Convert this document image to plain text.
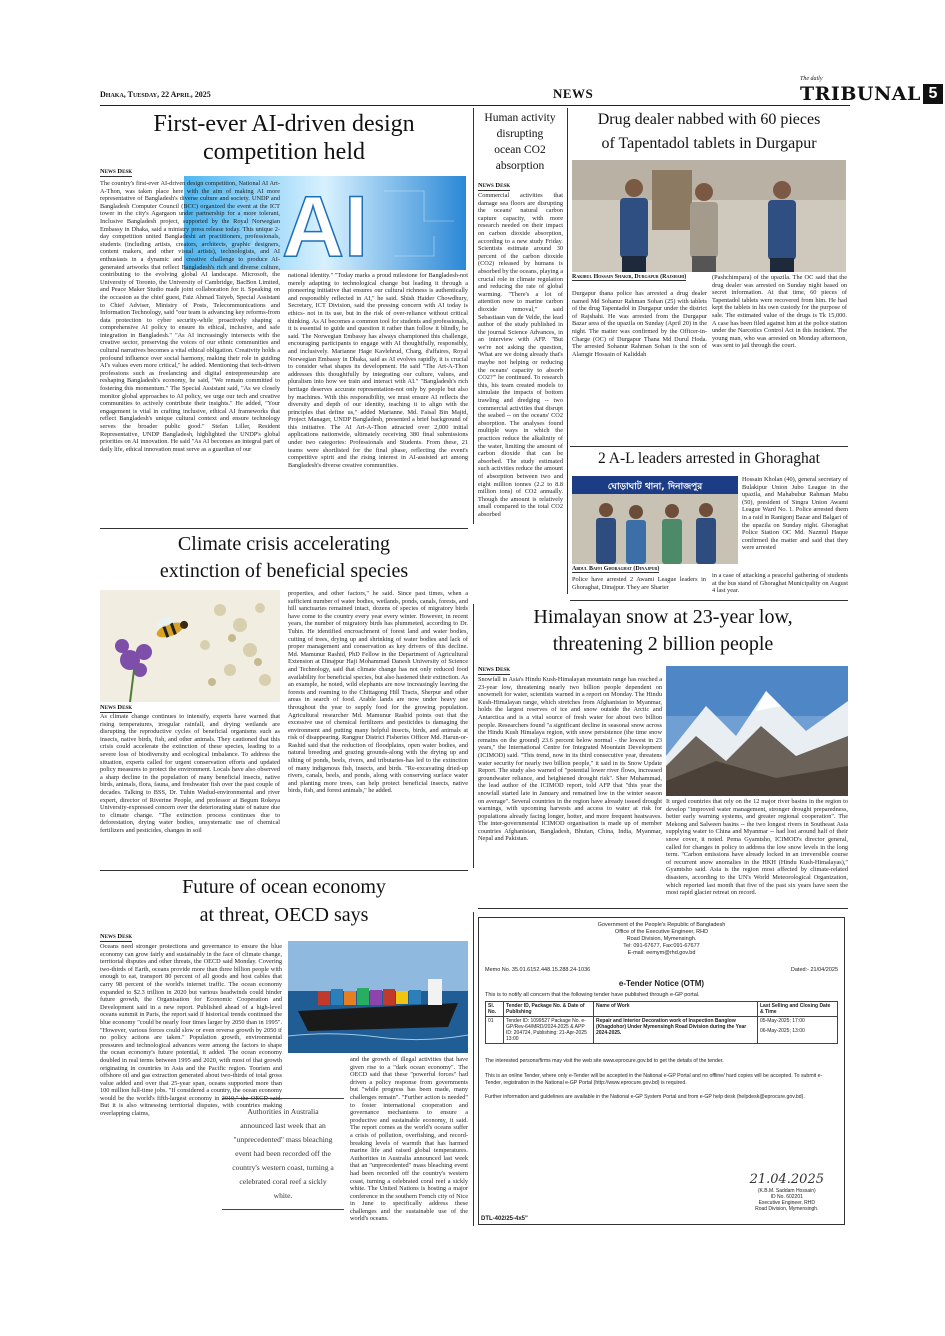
Dhaka, Tuesday, 22 April, 2025	NEWS
The daily
TRIBUNAL 5
First-ever AI-driven design
competition held
News Desk
AI
The country's first-ever AI-driven design competition, National AI Art-A-Thon, was taken place here with the aim of making AI more representative of Bangladesh's diverse culture and society. UNDP and Bangladesh Computer Council (BCC) organized the event at the ICT tower in the city's Agargaon under partnership for a more tolerant, Inclusive Bangladesh project, supported by the Royal Norwegian Embassy in Dhaka, said a ministry press release today. This unique 2-day competition united Bangladeshi art practitioners, professionals, students (including artists, creators, architects, graphic designers, content makers, and other visual artists), technologists, and AI enthusiasts in a dynamic and creative challenge to produce AI-generated artworks that reflect Bangladesh's rich and diverse culture, contributing to the evolving global AI landscape. Microsoft, the University of Toronto, the University of Cambridge, BacBon Limited, and Peace Maker Studio made joint collaboration for it. Speaking on the occasion as the chief guest, Faiz Ahmad Taiyeb, Special Assistant to Chief Adviser, Ministry of Posts, Telecommunications and Information Technology, said "our team is advancing key reforms-from data protection to cyber security-while proactively shaping a comprehensive AI policy to ensure its ethical, inclusive, and safe integration in Bangladesh." "As AI increasingly intersects with the creative sector, preserving the voices of our ethnic communities and cultural narratives becomes a vital ethical obligation. Creativity holds a profound influence over social harmony, making their role in guiding AI's values even more critical," he added. Mentioning that tech-driven professions such as freelancing and digital entrepreneurship are reshaping Bangladesh's economy, he said, "We remain committed to fostering this momentum." The Special Assistant said, "As we closely monitor global approaches to AI policy, we urge our tech and creative communities to actively contribute their insights." He added, "Your engagement is vital in crafting inclusive, ethical AI frameworks that reflect Bangladesh's unique cultural context and ensure technology serves the broader public good." Stefan Liller, Resident Representative, UNDP Bangladesh, highlighted the UNDP's global priorities on AI innovation. He said "As AI becomes an integral part of daily life, ethical innovation must serve as a guardian of our
national identity." "Today marks a proud milestone for Bangladesh-not merely adapting to technological change but leading it through a pioneering initiative that ensures our cultural richness is authentically and responsibly reflected in AI," he said. Shish Haider Chowdhury, Secretary, ICT Division, said the pressing concern with AI today is ethics- not in its use, but in the risk of over-reliance without critical thinking. As AI becomes a common tool for students and professionals, it is essential to guide and question it rather than follow it blindly, he said. The Norwegian Embassy has always championed this challenge, encouraging participants to engage with AI thoughtfully, responsibly, and inclusively. Marianne Hage Kavlehrud, Charg, d'affaires, Royal Norwegian Embassy in Dhaka, said as AI evolves rapidly, it is crucial to consider what shapes its development. He said "The Art-A-Thon addresses this thoughtfully by integrating our culture, values, and pluralism into how we train and interact with AI." "Bangladesh's rich heritage deserves accurate representation-not only by people but also by machines. With this responsibility, we must ensure AI reflects the diversity and depth of our identity, teaching it to align with the principles that define us," added Marianne. Md. Faisal Bin Majid, Project Manager, UNDP Bangladesh, presented a brief background of this initiative. The AI Art-A-Thon attracted over 2,000 initial applications nationwide, ultimately receiving 380 final submissions under two categories: Professionals and Students. From these, 21 teams were shortlisted for the final phase, reflecting the event's competitive spirit and the rising interest in AI-assisted art among Bangladesh's diverse creative communities.
Human activity
disrupting
ocean CO2
absorption
News Desk
Commercial activities that damage sea floors are disrupting the oceans' natural carbon capture capacity, with more research needed on their impact on carbon dioxide absorption, according to a new study Friday. Scientists estimate around 30 percent of the carbon dioxide (CO2) released by humans is absorbed by the oceans, playing a crucial role in climate regulation and reducing the rate of global warming. "There's a lot of attention now to marine carbon dioxide removal," said Sebastiaan van de Velde, the lead author of the study published in the journal Science Advances, in an interview with AFP. "But we're not asking the question, 'What are we doing already that's maybe not helping or reducing the oceans' capacity to absorb CO2?'" he continued. To research this, his team created models to simulate the impacts of bottom trawling and dredging -- two commercial activities that disrupt the seabed -- on the oceans' CO2 absorption. The analyses found multiple ways in which the practices reduce the alkalinity of the water, limiting the amount of carbon dioxide that can be absorbed. The study estimated such activities reduce the amount of absorption between two and eight million tonnes (2.2 to 8.8 million tons) of CO2 annually. Though the amount is relatively small compared to the total CO2 absorbed
Drug dealer nabbed with 60 pieces
of Tapentadol tablets in Durgapur
Rakibul Hossain Shakib, Durgapur (Rajshahi)
Durgapur thana police has arrested a drug dealer named Md Sohanur Rahman Sohan (25) with tablets of the drug Tapentadol in Durgapur under the district of Rajshahi. He was arrested from the Durgapur Bazar area of the upazila on Sunday (April 20) in the night. The matter was confirmed by the Officer-in-Charge (OC) of Durgapur Thana Md Durul Hoda. The arrested Sohanur Rahman Sohan is the son of Alamgir Hossain of Kaliddah
(Pashchimpara) of the upazila. The OC said that the drug dealer was arrested on Sunday night based on secret information. At that time, 60 pieces of Tapentadol tablets were recovered from him. He had kept the tablets in his own custody for the purpose of sale. The estimated value of the drugs is Tk 15,000. A case has been filed against him at the police station under the Narcotics Control Act in this incident. The young man, who was arrested on Monday afternoon, was sent to jail through the court.
2 A-L leaders arrested in Ghoraghat
ঘোড়াঘাট থানা, দিনাজপুর
Abdul Baffi Ghoraghat (Dinajpur)
Police have arrested 2 Awami League leaders in Ghoraghat, Dinajpur. They are Sharier
Hossain Kholan (40), general secretary of Bulakipur Union Jubo League in the upazila, and Mahabubur Rahman Mabu (50), president of Singra Union Awami League Ward No. 1. Police arrested them in a raid in Ranigonj Bazar and Balgari of the upazila on Sunday night. Ghoraghat Police Station OC Md. Nazmul Haque confirmed the matter and said that they were arrested
in a case of attacking a peaceful gathering of students at the bus stand of Ghoraghat Municipality on August 4 last year.
Climate crisis accelerating
extinction of beneficial species
News Desk
As climate change continues to intensify, experts have warned that rising temperatures, irregular rainfall, and drying wetlands are disrupting the reproductive cycles of beneficial organisms such as insects, native birds, fish, and other animals. They cautioned that this crisis could accelerate the extinction of these species, leading to a severe loss of biodiversity and ecological imbalance. To address the situation, experts called for urgent conservation efforts and updated policy measures to protect the environment. Locals have also observed a sharp decline in the population of many beneficial insects, native birds, animals, flora, fauna, and freshwater fish over the past couple of decades. Talking to BSS, Dr. Tuhin Wadud-environmental and river expert, director of Riverine People, and professor at Begum Rokeya University-expressed concern over the deteriorating state of nature due to climate change. "The extinction process continues due to deforestation, drying water bodies, unsystematic use of chemical fertilizers and pesticides, changes in soil
properties, and other factors," he said. Since past times, when a sufficient number of water bodies, wetlands, ponds, canals, forests, and hill sanctuaries remained intact, dozens of species of migratory birds have come to the country every year every winter. However, in recent years, the number of migratory birds has plummeted, according to Dr. Tuhin. He identified encroachment of forest land and water bodies, cutting of trees, drying up and shrinking of water bodies and lack of proper management and conservation as key drivers of this decline. Md. Mamunur Rashid, PhD Fellow in the Department of Agricultural Extension at Dinajpur Haji Mohammad Danesh University of Science and Technology, said that climate change has not only reduced food availability for beneficial species, but also hastened their extinction. As an example, he noted, wild elephants are now increasingly leaving the forests and roaming to the Chittagong Hill Tracts, Sherpur and other areas in search of food. Arable lands are now under heavy use throughout the year to supply food for the growing population. Agricultural researcher Md. Mamunur Rashid points out that the excessive use of chemical fertilizers and pesticides is damaging the environment and putting many helpful insects, birds, and animals at risk of disappearing. Rangpur District Fisheries Officer Md. Harun-or-Rashid said that the reduction of floodplains, open water bodies, and natural breeding and grazing grounds-along with the drying up and silting of ponds, beels, rivers, and tributaries-has led to the extinction of many indigenous fish, insects, and birds. "Re-excavating dried-up rivers, canals, beels, and ponds, along with conserving surface water and planting more trees, can help protect beneficial insects, native birds, fish, and forest animals," he added.
Himalayan snow at 23-year low,
threatening 2 billion people
News Desk
Snowfall in Asia's Hindu Kush-Himalayan mountain range has reached a 23-year low, threatening nearly two billion people dependent on snowmelt for water, scientists warned in a report on Monday. The Hindu Kush-Himalayan range, which stretches from Afghanistan to Myanmar, holds the largest reserves of ice and snow outside the Arctic and Antarctica and is a vital source of fresh water for about two billion people. Researchers found "a significant decline in seasonal snow across the Hindu Kush Himalaya region, with snow persistence (the time snow remains on the ground) 23.6 percent below normal - the lowest in 23 years," the International Centre for Integrated Mountain Development (ICIMOD) said. "This trend, now in its third consecutive year, threatens water security for nearly two billion people," it said in its Snow Update Report. The study also warned of "potential lower river flows, increased groundwater reliance, and heightened drought risk". Sher Muhammad, the lead author of the ICIMOD report, told AFP that "this year the snowfall started late in January and remained low in the winter season on average". Several countries in the region have already issued drought warnings, with upcoming harvests and access to water at risk for populations already facing longer, hotter, and more frequent heatwaves. The inter-governmental ICIMOD organisation is made up of member countries Afghanistan, Bangladesh, Bhutan, China, India, Myanmar, Nepal and Pakistan.
It urged countries that rely on the 12 major river basins in the region to develop "improved water management, stronger drought preparedness, better early warning systems, and greater regional cooperation". The Mekong and Salween basins -- the two longest rivers in Southeast Asia supplying water to China and Myanmar -- had lost around half of their snow cover, it noted. Pema Gyamtsho, ICIMOD's director general, called for changes in policy to address the low snow levels in the long term. "Carbon emissions have already locked in an irreversible course of recurrent snow anomalies in the HKH (Hindu Kush-Himalayas)," Gyamtsho said. Asia is the region most affected by climate-related disasters, according to the UN's World Meteorological Organization, which reported last month that five of the past six years have seen the most rapid glacier retreat on record.
Future of ocean economy
at threat, OECD says
News Desk
Oceans need stronger protections and governance to ensure the blue economy can grow fairly and sustainably in the face of climate change, territorial disputes and other threats, the OECD said Monday. Covering two-thirds of Earth, oceans provide more than three billion people with enough to eat, transport 80 percent of all goods and host cables that carry 98 percent of the world's internet traffic. The ocean economy expanded to $2.3 trillion in 2020 but various headwinds could hinder future growth, the Organisation for Economic Cooperation and Development said in a new report. Published ahead of a high-level oceans summit in Paris, the report said if historical trends continued the blue economy "could be nearly four times larger by 2050 than in 1995". "However, various forces could slow or even reverse growth by 2050 if no policy actions are taken." Population growth, environmental pressures and technological advances were among the factors to shape the ocean economy's future potential, it added. The ocean economy doubled in real terms between 1995 and 2020, with most of that growth originating in countries in Asia and the Pacific region. Tourism and offshore oil and gas extraction generated about two-thirds of total gross value added and over that 25-year span, oceans supported more than 100 million full-time jobs. "If considered a country, the ocean economy would be the world's fifth-largest economy in 2019," the OECD said. But it is also witnessing territorial disputes, with countries making overlapping claims,	Authorities in Australia announced last week that an "unprecedented" mass bleaching event had been recorded off the country's western coast, turning a celebrated coral reef a sickly white.
and the growth of illegal activities that have given rise to a "dark ocean economy". The OECD said that these "powerful forces" had driven a policy response from governments but "while progress has been made, many challenges remain". "Further action is needed" to foster international cooperation and governance mechanisms to ensure a productive and sustainable economy, it said. The report comes as the world's oceans suffer a crisis of pollution, overfishing, and record-breaking levels of warmth that has harmed marine life and raised global temperatures. Authorities in Australia announced last week that an "unprecedented" mass bleaching event had been recorded off the country's western coast, turning a celebrated coral reef a sickly white. The United Nations is hosting a major conference in the southern French city of Nice in June to specifically address these challenges and the sustainable use of the world's oceans.
Government of the People's Republic of Bangladesh
Office of the Executive Engineer, RHD
Road Division, Mymensingh.
Tel: 091-67677, Fax:091-67677
E-mail: eemym@rhd.gov.bd
Memo No. 35.01.6152.448.15.288.24-1036	Dated:- 21/04/2025
e-Tender Notice (OTM)
This is to notify all concern that the following tender have published through e-GP portal.
Sl. No.	Tender ID, Package No. & Date of Publishing	Name of Work	Last Selling and Closing Date & Time
01	Tender ID: 1099527 Package No. e-GP/Rev-64/MRD/2024-2025 & APP ID: 204724, Publishing: 21-Apr-2025 13:00	Repair and Interior Decoration work of Inspection Banglow (Khagdohor) Under Mymensingh Road Division during the Year 2024-2025.	05-May-2025; 17:00
06-May-2025; 13:00
The interested persons/firms may visit the web site www.eprocure.gov.bd to get the details of the tender.
This is an online Tender, where only e-Tender will be accepted in the National e-GP Portal and no offline/ hard copies will be accepted. To submit e-Tender, registration in the National e-GP Portal (http://www.eprocure.gov.bd) is required.
Further information and guidelines are available in the National e-GP System Portal and from e-GP help desk (helpdesk@eprocure.gov.bd).
21.04.2025
(K.B.M. Saddam Hossain)
ID No. 602201
Executive Engineer, RHD
Road Division, Mymensingh.
DTL-402/25-4x5"
